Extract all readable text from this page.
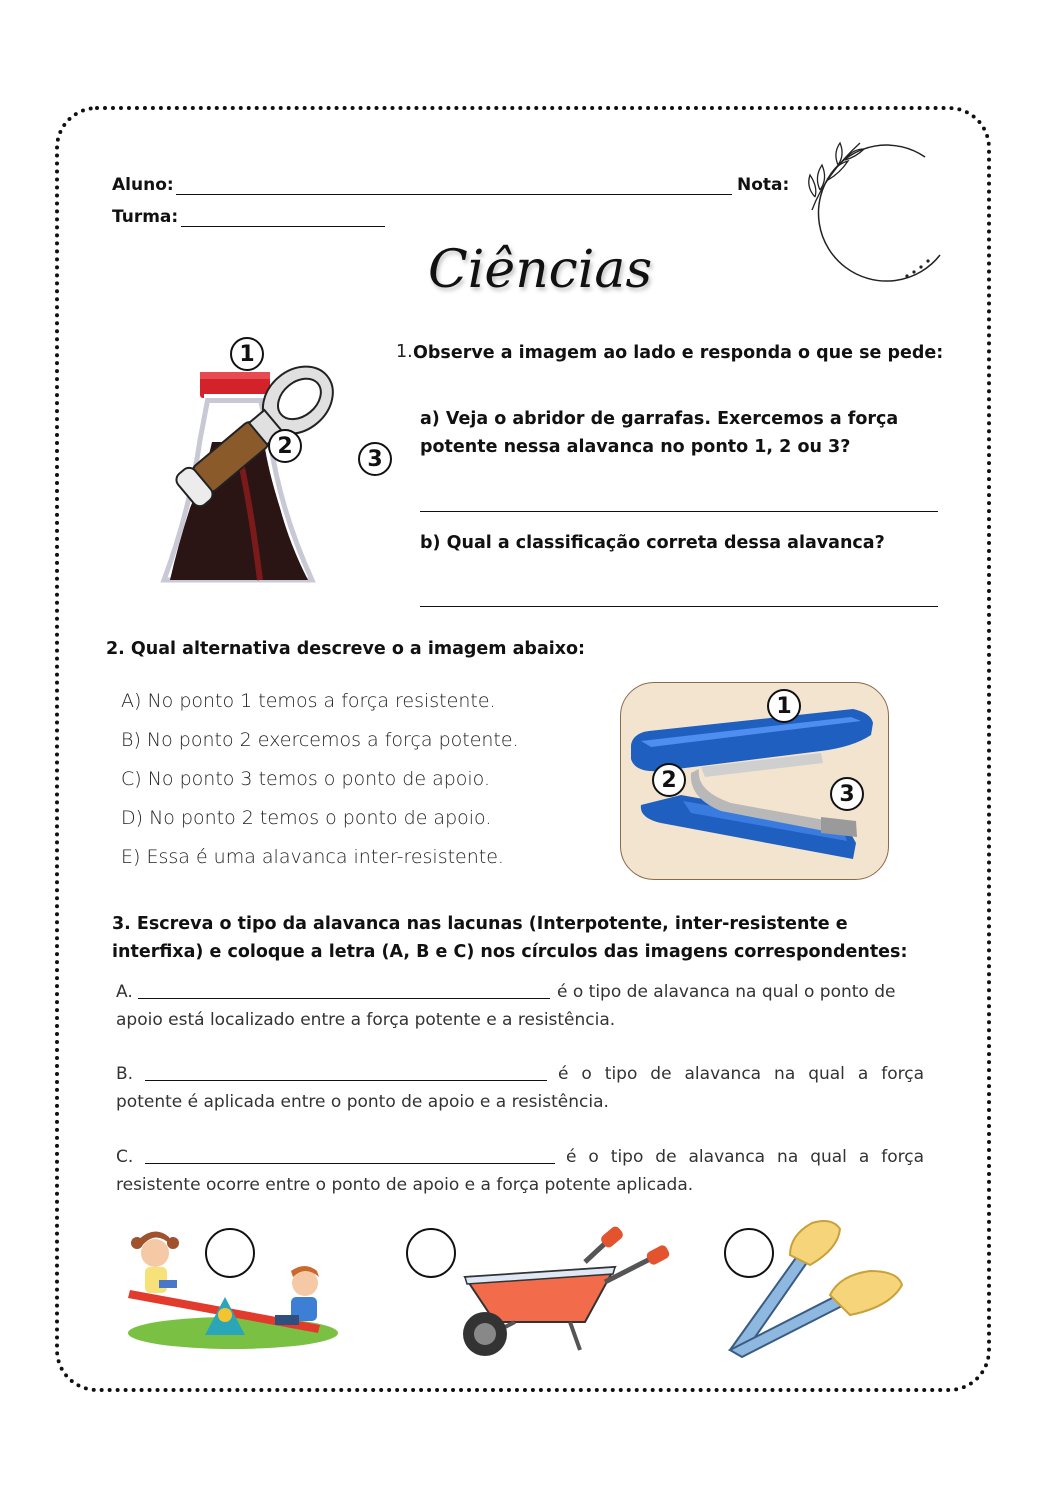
Aluno:	Nota:
Turma:
Ciências
1
2
3
1. Observe a imagem ao lado e responda o que se pede:
a) Veja o abridor de garrafas. Exercemos a força potente nessa alavanca no ponto 1, 2 ou 3?
b) Qual a classificação correta dessa alavanca?
2. Qual alternativa descreve o a imagem abaixo:
A) No ponto 1 temos a força resistente.
B) No ponto 2 exercemos a força potente.
C) No ponto 3 temos o ponto de apoio.
D) No ponto 2 temos o ponto de apoio.
E) Essa é uma alavanca inter-resistente.
1
2
3
3. Escreva o tipo da alavanca nas lacunas (Interpotente, inter-resistente e interfixa) e coloque a letra (A, B e C) nos círculos das imagens correspondentes:
A.	é o tipo de alavanca na qual o ponto de
apoio está localizado entre a força potente e a resistência.
B.	é o tipo de alavanca na qual a força
potente é aplicada entre o ponto de apoio e a resistência.
C.	é o tipo de alavanca na qual a força
resistente ocorre entre o ponto de apoio e a força potente aplicada.
